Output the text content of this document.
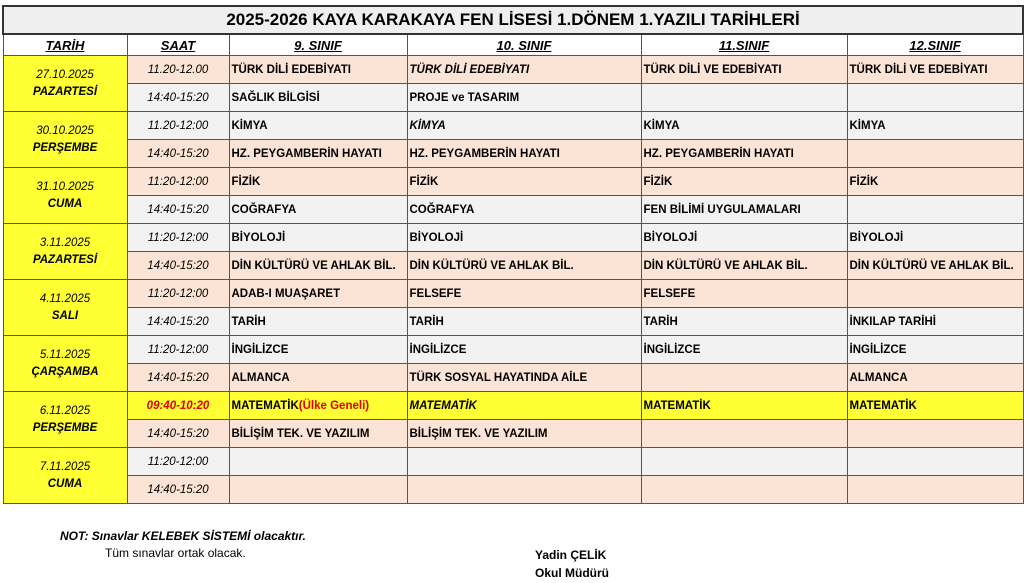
2025-2026 KAYA KARAKAYA FEN LİSESİ 1.DÖNEM 1.YAZILI TARİHLERİ					
TARİH	SAAT	9. SINIF	10. SINIF	11.SINIF	12.SINIF

27.10.2025
PAZARTESİ	11.20-12.00	TÜRK DİLİ EDEBİYATI	TÜRK DİLİ EDEBİYATI	TÜRK DİLİ VE EDEBİYATI	TÜRK DİLİ VE EDEBİYATI
	14:40-15:20	SAĞLIK BİLGİSİ	PROJE ve TASARIM		

30.10.2025
PERŞEMBE	11.20-12:00	KİMYA	KİMYA	KİMYA	KİMYA
	14:40-15:20	HZ. PEYGAMBERİN HAYATI	HZ. PEYGAMBERİN HAYATI	HZ. PEYGAMBERİN HAYATI	

31.10.2025
CUMA	11:20-12:00	FİZİK	FİZİK	FİZİK	FİZİK
	14:40-15:20	COĞRAFYA	COĞRAFYA	FEN BİLİMİ UYGULAMALARI	

3.11.2025
PAZARTESİ	11:20-12:00	BİYOLOJİ	BİYOLOJİ	BİYOLOJİ	BİYOLOJİ
	14:40-15:20	DİN KÜLTÜRÜ VE AHLAK BİL.	DİN KÜLTÜRÜ VE AHLAK BİL.	DİN KÜLTÜRÜ VE AHLAK BİL.	DİN KÜLTÜRÜ VE AHLAK BİL.

4.11.2025
SALI	11:20-12:00	ADAB-I MUAŞARET	FELSEFE	FELSEFE	
	14:40-15:20	TARİH	TARİH	TARİH	İNKILAP TARİHİ

5.11.2025
ÇARŞAMBA	11:20-12:00	İNGİLİZCE	İNGİLİZCE	İNGİLİZCE	İNGİLİZCE
	14:40-15:20	ALMANCA	TÜRK SOSYAL HAYATINDA AİLE		ALMANCA

6.11.2025
PERŞEMBE	09:40-10:20	MATEMATİK(Ülke Geneli)	MATEMATİK	MATEMATİK	MATEMATİK
	14:40-15:20	BİLİŞİM TEK. VE YAZILIM	BİLİŞİM TEK. VE YAZILIM		

7.11.2025
CUMA	11:20-12:00				
	14:40-15:20				
NOT: Sınavlar KELEBEK SİSTEMİ olacaktır.
Tüm sınavlar ortak olacak.	Yadin ÇELİK
Okul Müdürü
